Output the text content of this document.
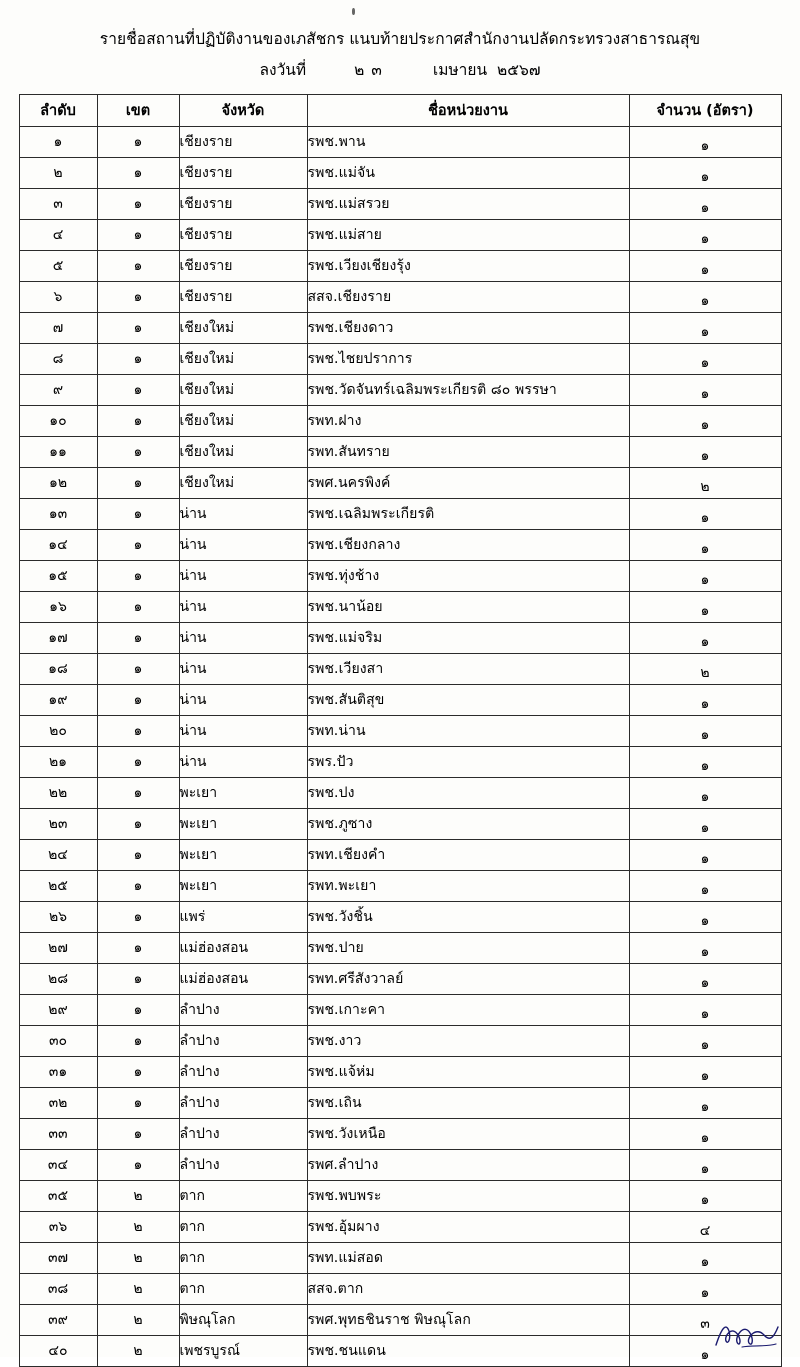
รายชื่อสถานที่ปฏิบัติงานของเภสัชกร แนบท้ายประกาศสำนักงานปลัดกระทรวงสาธารณสุข
ลงวันที่	๒๓	เมษายน ๒๕๖๗
ลำดับ	เขต	จังหวัด	ชื่อหน่วยงาน	จำนวน (อัตรา)
๑	๑	เชียงราย	รพช.พาน	๑
๒	๑	เชียงราย	รพช.แม่จัน	๑
๓	๑	เชียงราย	รพช.แม่สรวย	๑
๔	๑	เชียงราย	รพช.แม่สาย	๑
๕	๑	เชียงราย	รพช.เวียงเชียงรุ้ง	๑
๖	๑	เชียงราย	สสจ.เชียงราย	๑
๗	๑	เชียงใหม่	รพช.เชียงดาว	๑
๘	๑	เชียงใหม่	รพช.ไชยปราการ	๑
๙	๑	เชียงใหม่	รพช.วัดจันทร์เฉลิมพระเกียรติ ๘๐ พรรษา	๑
๑๐	๑	เชียงใหม่	รพท.ฝาง	๑
๑๑	๑	เชียงใหม่	รพท.สันทราย	๑
๑๒	๑	เชียงใหม่	รพศ.นครพิงค์	๒
๑๓	๑	น่าน	รพช.เฉลิมพระเกียรติ	๑
๑๔	๑	น่าน	รพช.เชียงกลาง	๑
๑๕	๑	น่าน	รพช.ทุ่งช้าง	๑
๑๖	๑	น่าน	รพช.นาน้อย	๑
๑๗	๑	น่าน	รพช.แม่จริม	๑
๑๘	๑	น่าน	รพช.เวียงสา	๒
๑๙	๑	น่าน	รพช.สันติสุข	๑
๒๐	๑	น่าน	รพท.น่าน	๑
๒๑	๑	น่าน	รพร.ปัว	๑
๒๒	๑	พะเยา	รพช.ปง	๑
๒๓	๑	พะเยา	รพช.ภูซาง	๑
๒๔	๑	พะเยา	รพท.เชียงคำ	๑
๒๕	๑	พะเยา	รพท.พะเยา	๑
๒๖	๑	แพร่	รพช.วังชิ้น	๑
๒๗	๑	แม่ฮ่องสอน	รพช.ปาย	๑
๒๘	๑	แม่ฮ่องสอน	รพท.ศรีสังวาลย์	๑
๒๙	๑	ลำปาง	รพช.เกาะคา	๑
๓๐	๑	ลำปาง	รพช.งาว	๑
๓๑	๑	ลำปาง	รพช.แจ้ห่ม	๑
๓๒	๑	ลำปาง	รพช.เถิน	๑
๓๓	๑	ลำปาง	รพช.วังเหนือ	๑
๓๔	๑	ลำปาง	รพศ.ลำปาง	๑
๓๕	๒	ตาก	รพช.พบพระ	๑
๓๖	๒	ตาก	รพช.อุ้มผาง	๔
๓๗	๒	ตาก	รพท.แม่สอด	๑
๓๘	๒	ตาก	สสจ.ตาก	๑
๓๙	๒	พิษณุโลก	รพศ.พุทธชินราช พิษณุโลก	๓
๔๐	๒	เพชรบูรณ์	รพช.ชนแดน	๑
